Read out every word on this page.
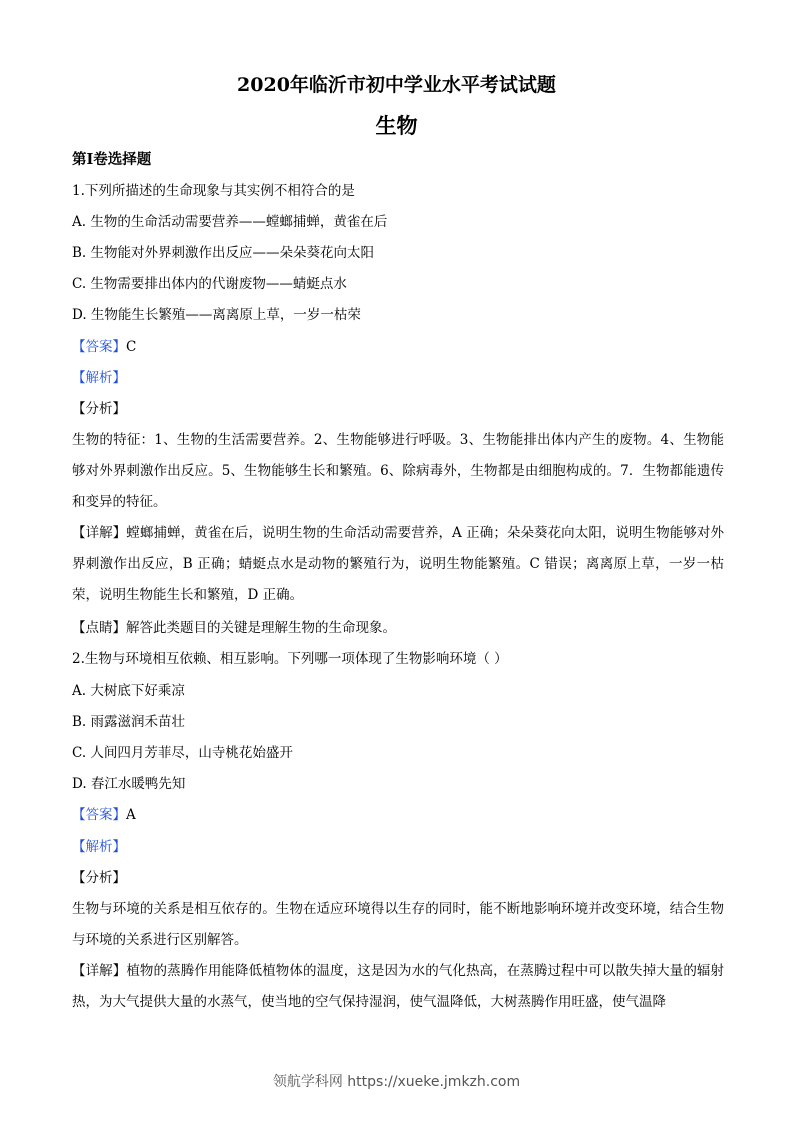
2020年临沂市初中学业水平考试试题
生物
第Ⅰ卷选择题
1.下列所描述的生命现象与其实例不相符合的是
A. 生物的生命活动需要营养——螳螂捕蝉，黄雀在后
B. 生物能对外界刺激作出反应——朵朵葵花向太阳
C. 生物需要排出体内的代谢废物——蜻蜓点水
D. 生物能生长繁殖——离离原上草，一岁一枯荣
【答案】C
【解析】
【分析】
生物的特征：1、生物的生活需要营养。2、生物能够进行呼吸。3、生物能排出体内产生的废物。4、生物能够对外界刺激作出反应。5、生物能够生长和繁殖。6、除病毒外，生物都是由细胞构成的。7．生物都能遗传和变异的特征。
【详解】螳螂捕蝉，黄雀在后，说明生物的生命活动需要营养，A 正确；朵朵葵花向太阳，说明生物能够对外界刺激作出反应，B 正确；蜻蜓点水是动物的繁殖行为，说明生物能繁殖。C 错误；离离原上草，一岁一枯荣，说明生物能生长和繁殖，D 正确。
【点睛】解答此类题目的关键是理解生物的生命现象。
2.生物与环境相互依赖、相互影响。下列哪一项体现了生物影响环境（ ）
A. 大树底下好乘凉
B. 雨露滋润禾苗壮
C. 人间四月芳菲尽，山寺桃花始盛开
D. 春江水暖鸭先知
【答案】A
【解析】
【分析】
生物与环境的关系是相互依存的。生物在适应环境得以生存的同时，能不断地影响环境并改变环境，结合生物与环境的关系进行区别解答。
【详解】植物的蒸腾作用能降低植物体的温度，这是因为水的气化热高，在蒸腾过程中可以散失掉大量的辐射热，为大气提供大量的水蒸气，使当地的空气保持湿润，使气温降低，大树蒸腾作用旺盛，使气温降
领航学科网 https://xueke.jmkzh.com
